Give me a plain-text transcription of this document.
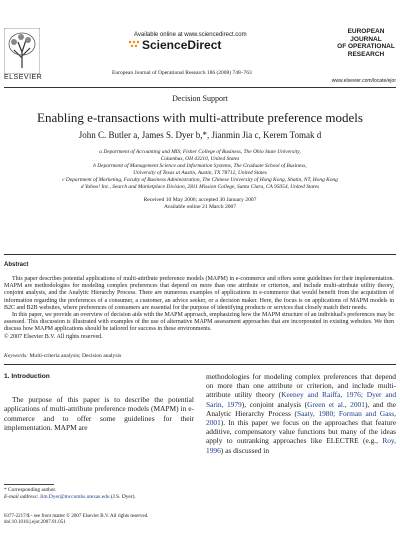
ELSEVIER
Available online at www.sciencedirect.com
ScienceDirect
European Journal of Operational Research 186 (2008) 748–763
EUROPEAN
JOURNAL
OF OPERATIONAL
RESEARCH
www.elsevier.com/locate/ejor
Decision Support
Enabling e-transactions with multi-attribute preference models
John C. Butler a, James S. Dyer b,*, Jianmin Jia c, Kerem Tomak d
a Department of Accounting and MIS, Fisher College of Business, The Ohio State University,
Columbus, OH 43210, United States
b Department of Management Science and Information Systems, The Graduate School of Business,
University of Texas at Austin, Austin, TX 78712, United States
c Department of Marketing, Faculty of Business Administration, The Chinese University of Hong Kong, Shatin, NT, Hong Kong
d Yahoo! Inc., Search and Marketplace Division, 2811 Mission College, Santa Clara, CA 95054, United States
Received 10 May 2006; accepted 30 January 2007
Available online 21 March 2007
Abstract

This paper describes potential applications of multi-attribute preference models (MAPM) in e-commerce and offers some guidelines for their implementation. MAPM are methodologies for modeling complex preferences that depend on more than one attribute or criterion, and include multi-attribute utility theory, conjoint analysis, and the Analytic Hierarchy Process. There are numerous examples of applications in e-commerce that would benefit from the acquisition of information regarding the preferences of a consumer, a customer, an advice seeker, or a decision maker. Here, the focus is on applications of MAPM models in B2C and B2B websites, where preferences of consumers are essential for the purpose of identifying products or services that closely match their needs.

In this paper, we provide an overview of decision aids with the MAPM approach, emphasizing how the MAPM structure of an individual's preferences may be assessed. This discussion is illustrated with examples of the use of alternative MAPM assessment approaches that are incorporated in existing websites. We then discuss how MAPM applications should be tailored for success in these environments.

© 2007 Elsevier B.V. All rights reserved.
Keywords: Multi-criteria analysis; Decision analysis
1. Introduction

The purpose of this paper is to describe the potential applications of multi-attribute preference models (MAPM) in e-commerce and to offer some guidelines for their implementation. MAPM are

methodologies for modeling complex preferences that depend on more than one attribute or criterion, and include multi-attribute utility theory (Keeney and Raiffa, 1976; Dyer and Sarin, 1979), conjoint analysis (Green et al., 2001), and the Analytic Hierarchy Process (Saaty, 1980; Forman and Gass, 2001). In this paper we focus on the approaches that feature additive, compensatory value functions but many of the ideas apply to outranking approaches like ELECTRE (e.g., Roy, 1996) as discussed in

* Corresponding author.
E-mail address: Jim.Dyer@mccombs.utexas.edu (J.S. Dyer).
0377-2217/$ - see front matter © 2007 Elsevier B.V. All rights reserved.
doi:10.1016/j.ejor.2007.01.051
